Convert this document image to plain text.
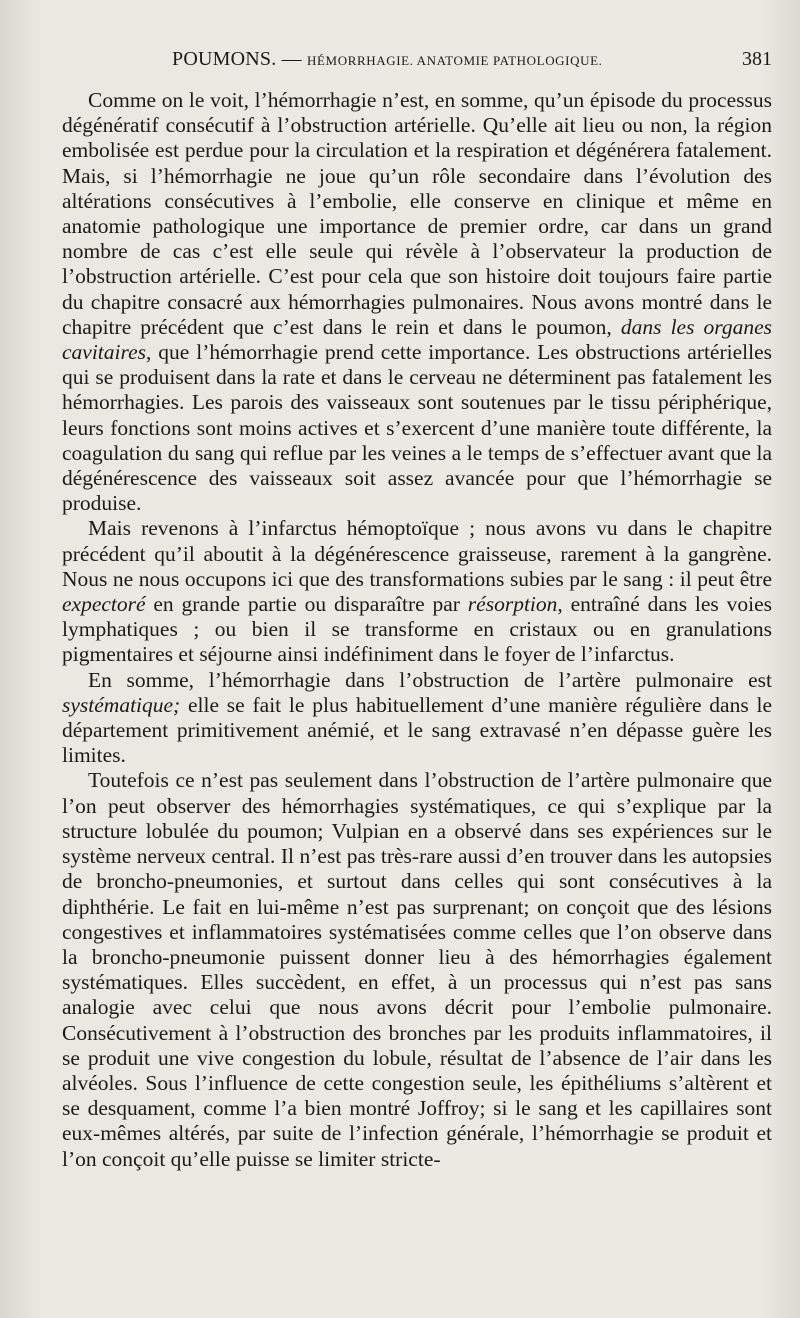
POUMONS. — HÉMORRHAGIE. ANATOMIE PATHOLOGIQUE.	381

Comme on le voit, l’hémorrhagie n’est, en somme, qu’un épisode du processus dégénératif consécutif à l’obstruction artérielle. Qu’elle ait lieu ou non, la région embolisée est perdue pour la circulation et la respiration et dégénérera fatalement. Mais, si l’hémorrhagie ne joue qu’un rôle secondaire dans l’évolution des altérations consécutives à l’embolie, elle conserve en clinique et même en anatomie pathologique une importance de premier ordre, car dans un grand nombre de cas c’est elle seule qui révèle à l’observateur la production de l’obstruction artérielle. C’est pour cela que son histoire doit toujours faire partie du chapitre consacré aux hémorrhagies pulmonaires. Nous avons montré dans le chapitre précédent que c’est dans le rein et dans le poumon, dans les organes cavitaires, que l’hémorrhagie prend cette importance. Les obstructions artérielles qui se produisent dans la rate et dans le cerveau ne déterminent pas fatalement les hémorrhagies. Les parois des vaisseaux sont soutenues par le tissu périphérique, leurs fonctions sont moins actives et s’exercent d’une manière toute différente, la coagulation du sang qui reflue par les veines a le temps de s’effectuer avant que la dégénérescence des vaisseaux soit assez avancée pour que l’hémorrhagie se produise.

Mais revenons à l’infarctus hémoptoïque ; nous avons vu dans le chapitre précédent qu’il aboutit à la dégénérescence graisseuse, rarement à la gangrène. Nous ne nous occupons ici que des transformations subies par le sang : il peut être expectoré en grande partie ou disparaître par résorption, entraîné dans les voies lymphatiques ; ou bien il se transforme en cristaux ou en granulations pigmentaires et séjourne ainsi indéfiniment dans le foyer de l’infarctus.

En somme, l’hémorrhagie dans l’obstruction de l’artère pulmonaire est systématique; elle se fait le plus habituellement d’une manière régulière dans le département primitivement anémié, et le sang extravasé n’en dépasse guère les limites.

Toutefois ce n’est pas seulement dans l’obstruction de l’artère pulmonaire que l’on peut observer des hémorrhagies systématiques, ce qui s’explique par la structure lobulée du poumon; Vulpian en a observé dans ses expériences sur le système nerveux central. Il n’est pas très-rare aussi d’en trouver dans les autopsies de broncho-pneumonies, et surtout dans celles qui sont consécutives à la diphthérie. Le fait en lui-même n’est pas surprenant; on conçoit que des lésions congestives et inflammatoires systématisées comme celles que l’on observe dans la broncho-pneumonie puissent donner lieu à des hémorrhagies également systématiques. Elles succèdent, en effet, à un processus qui n’est pas sans analogie avec celui que nous avons décrit pour l’embolie pulmonaire. Consécutivement à l’obstruction des bronches par les produits inflammatoires, il se produit une vive congestion du lobule, résultat de l’absence de l’air dans les alvéoles. Sous l’influence de cette congestion seule, les épithéliums s’altèrent et se desquament, comme l’a bien montré Joffroy; si le sang et les capillaires sont eux-mêmes altérés, par suite de l’infection générale, l’hémorrhagie se produit et l’on conçoit qu’elle puisse se limiter stricte-
